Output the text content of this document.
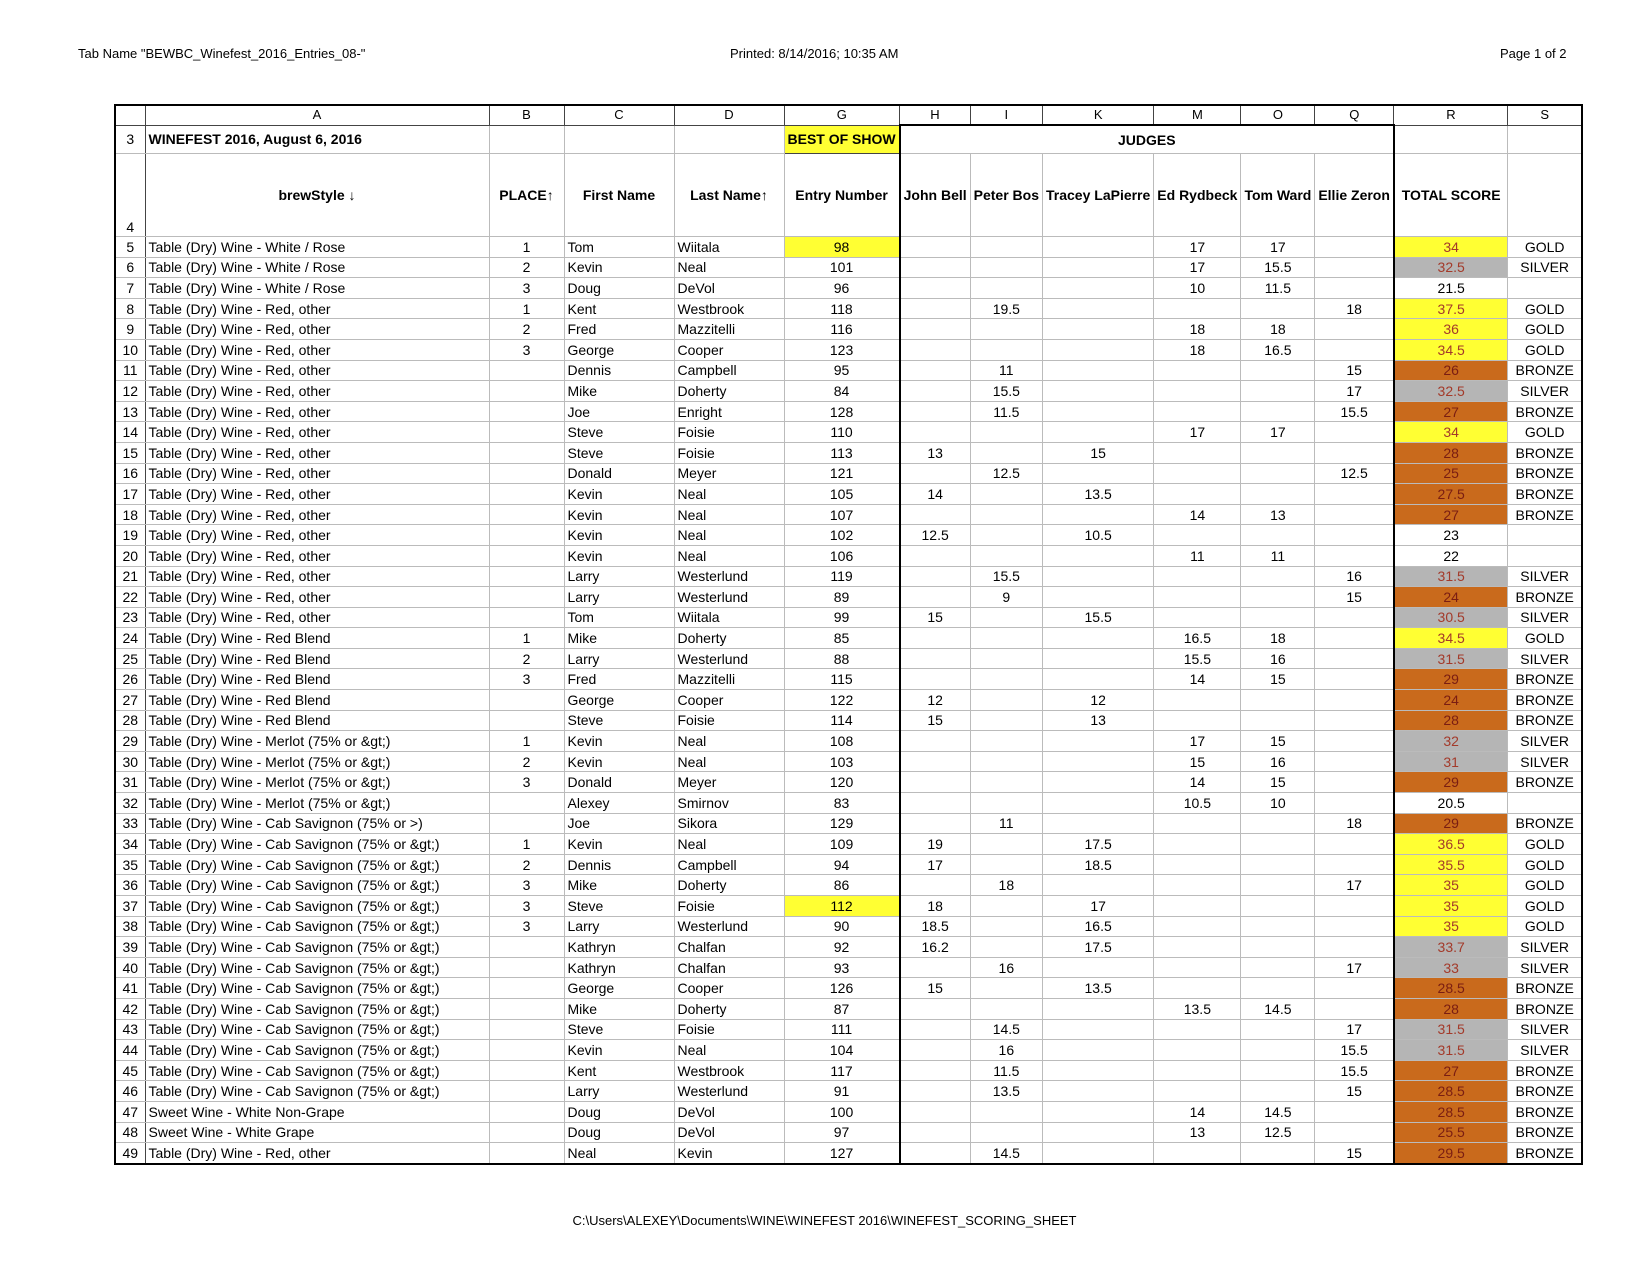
Tab Name "BEWBC_Winefest_2016_Entries_08-"	Printed: 8/14/2016; 10:35 AM	Page 1 of 2
	A	B	C	D	G	H	I	K	M	O	Q	R	S
3	WINEFEST 2016, August 6, 2016				BEST OF SHOW	JUDGES							
4	brewStyle ↓	PLACE↑	First Name	Last Name↑	Entry Number	John Bell	Peter Bos	Tracey LaPierre	Ed Rydbeck	Tom Ward	Ellie Zeron	TOTAL SCORE	
5	Table (Dry) Wine - White / Rose	1	Tom	Wiitala	98				17	17		34	GOLD
6	Table (Dry) Wine - White / Rose	2	Kevin	Neal	101				17	15.5		32.5	SILVER
7	Table (Dry) Wine - White / Rose	3	Doug	DeVol	96				10	11.5		21.5	
8	Table (Dry) Wine - Red, other	1	Kent	Westbrook	118		19.5				18	37.5	GOLD
9	Table (Dry) Wine - Red, other	2	Fred	Mazzitelli	116				18	18		36	GOLD
10	Table (Dry) Wine - Red, other	3	George	Cooper	123				18	16.5		34.5	GOLD
11	Table (Dry) Wine - Red, other		Dennis	Campbell	95		11				15	26	BRONZE
12	Table (Dry) Wine - Red, other		Mike	Doherty	84		15.5				17	32.5	SILVER
13	Table (Dry) Wine - Red, other		Joe	Enright	128		11.5				15.5	27	BRONZE
14	Table (Dry) Wine - Red, other		Steve	Foisie	110				17	17		34	GOLD
15	Table (Dry) Wine - Red, other		Steve	Foisie	113	13		15				28	BRONZE
16	Table (Dry) Wine - Red, other		Donald	Meyer	121		12.5				12.5	25	BRONZE
17	Table (Dry) Wine - Red, other		Kevin	Neal	105	14		13.5				27.5	BRONZE
18	Table (Dry) Wine - Red, other		Kevin	Neal	107				14	13		27	BRONZE
19	Table (Dry) Wine - Red, other		Kevin	Neal	102	12.5		10.5				23	
20	Table (Dry) Wine - Red, other		Kevin	Neal	106				11	11		22	
21	Table (Dry) Wine - Red, other		Larry	Westerlund	119		15.5				16	31.5	SILVER
22	Table (Dry) Wine - Red, other		Larry	Westerlund	89		9				15	24	BRONZE
23	Table (Dry) Wine - Red, other		Tom	Wiitala	99	15		15.5				30.5	SILVER
24	Table (Dry) Wine - Red Blend	1	Mike	Doherty	85				16.5	18		34.5	GOLD
25	Table (Dry) Wine - Red Blend	2	Larry	Westerlund	88				15.5	16		31.5	SILVER
26	Table (Dry) Wine - Red Blend	3	Fred	Mazzitelli	115				14	15		29	BRONZE
27	Table (Dry) Wine - Red Blend		George	Cooper	122	12		12				24	BRONZE
28	Table (Dry) Wine - Red Blend		Steve	Foisie	114	15		13				28	BRONZE
29	Table (Dry) Wine - Merlot (75% or &gt;)	1	Kevin	Neal	108				17	15		32	SILVER
30	Table (Dry) Wine - Merlot (75% or &gt;)	2	Kevin	Neal	103				15	16		31	SILVER
31	Table (Dry) Wine - Merlot (75% or &gt;)	3	Donald	Meyer	120				14	15		29	BRONZE
32	Table (Dry) Wine - Merlot (75% or &gt;)		Alexey	Smirnov	83				10.5	10		20.5	
33	Table (Dry) Wine - Cab Savignon (75% or >)		Joe	Sikora	129		11				18	29	BRONZE
34	Table (Dry) Wine - Cab Savignon (75% or &gt;)	1	Kevin	Neal	109	19		17.5				36.5	GOLD
35	Table (Dry) Wine - Cab Savignon (75% or &gt;)	2	Dennis	Campbell	94	17		18.5				35.5	GOLD
36	Table (Dry) Wine - Cab Savignon (75% or &gt;)	3	Mike	Doherty	86		18				17	35	GOLD
37	Table (Dry) Wine - Cab Savignon (75% or &gt;)	3	Steve	Foisie	112	18		17				35	GOLD
38	Table (Dry) Wine - Cab Savignon (75% or &gt;)	3	Larry	Westerlund	90	18.5		16.5				35	GOLD
39	Table (Dry) Wine - Cab Savignon (75% or &gt;)		Kathryn	Chalfan	92	16.2		17.5				33.7	SILVER
40	Table (Dry) Wine - Cab Savignon (75% or &gt;)		Kathryn	Chalfan	93		16				17	33	SILVER
41	Table (Dry) Wine - Cab Savignon (75% or &gt;)		George	Cooper	126	15		13.5				28.5	BRONZE
42	Table (Dry) Wine - Cab Savignon (75% or &gt;)		Mike	Doherty	87				13.5	14.5		28	BRONZE
43	Table (Dry) Wine - Cab Savignon (75% or &gt;)		Steve	Foisie	111		14.5				17	31.5	SILVER
44	Table (Dry) Wine - Cab Savignon (75% or &gt;)		Kevin	Neal	104		16				15.5	31.5	SILVER
45	Table (Dry) Wine - Cab Savignon (75% or &gt;)		Kent	Westbrook	117		11.5				15.5	27	BRONZE
46	Table (Dry) Wine - Cab Savignon (75% or &gt;)		Larry	Westerlund	91		13.5				15	28.5	BRONZE
47	Sweet Wine - White Non-Grape		Doug	DeVol	100				14	14.5		28.5	BRONZE
48	Sweet Wine - White Grape		Doug	DeVol	97				13	12.5		25.5	BRONZE
49	Table (Dry) Wine - Red, other		Neal	Kevin	127		14.5				15	29.5	BRONZE
C:\Users\ALEXEY\Documents\WINE\WINEFEST 2016\WINEFEST_SCORING_SHEET
